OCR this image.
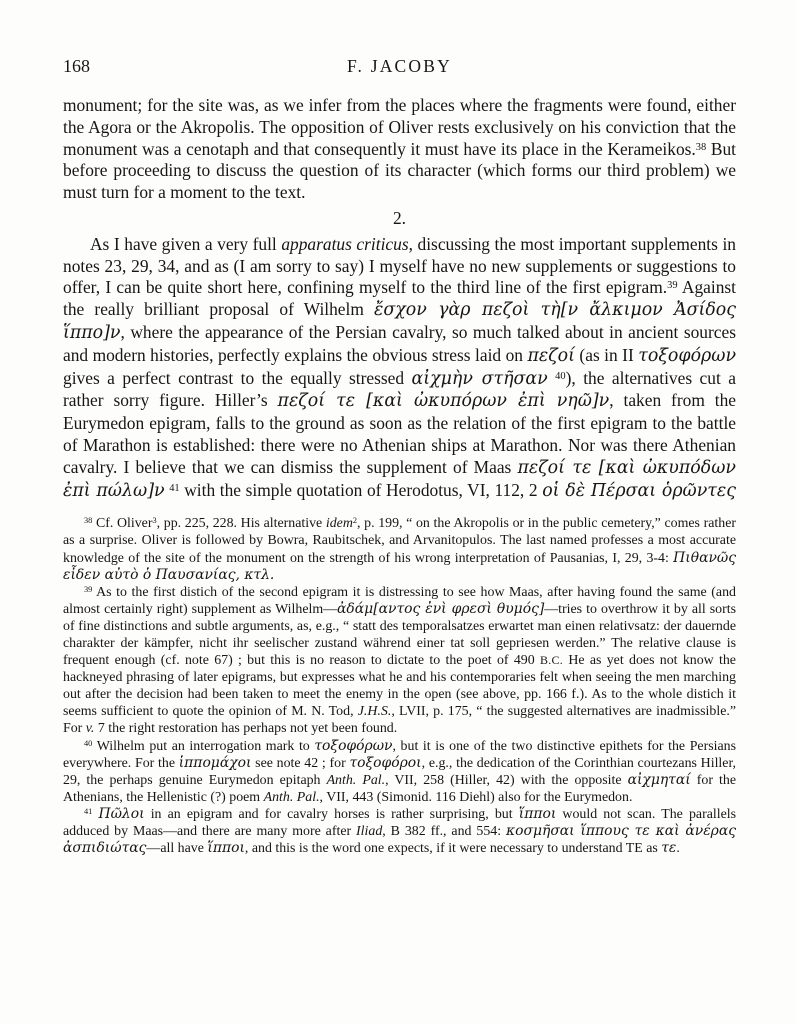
168	F. JACOBY

monument; for the site was, as we infer from the places where the fragments were found, either the Agora or the Akropolis. The opposition of Oliver rests exclusively on his conviction that the monument was a cenotaph and that consequently it must have its place in the Kerameikos.$^{38}$ But before proceeding to discuss the question of its character (which forms our third problem) we must turn for a moment to the text.

2.

As I have given a very full apparatus criticus, discussing the most important supplements in notes 23, 29, 34, and as (I am sorry to say) I myself have no new supplements or suggestions to offer, I can be quite short here, confining myself to the third line of the first epigram.$^{39}$ Against the really brilliant proposal of Wilhelm ἔσχον γὰρ πεζοὶ τὴ[ν ἄλκιμον Ἀσίδος ἵππο]ν, where the appearance of the Persian cavalry, so much talked about in ancient sources and modern histories, perfectly explains the obvious stress laid on πεζοί (as in II τοξοφόρων gives a perfect contrast to the equally stressed αἰχμὴν στῆσαν $^{40}$), the alternatives cut a rather sorry figure. Hiller’s πεζοί τε [καὶ ὠκυπόρων ἐπὶ νηῶ]ν, taken from the Eurymedon epigram, falls to the ground as soon as the relation of the first epigram to the battle of Marathon is established: there were no Athenian ships at Marathon. Nor was there Athenian cavalry. I believe that we can dismiss the supplement of Maas πεζοί τε [καὶ ὠκυπόδων ἐπὶ πώλω]ν $^{41}$ with the simple quotation of Herodotus, VI, 112, 2 οἱ δὲ Πέρσαι ὁρῶντες

$^{38}$ Cf. Oliver$^3$, pp. 225, 228. His alternative idem$^2$, p. 199, “ on the Akropolis or in the public cemetery,” comes rather as a surprise. Oliver is followed by Bowra, Raubitschek, and Arvanitopulos. The last named professes a most accurate knowledge of the site of the monument on the strength of his wrong interpretation of Pausanias, I, 29, 3-4: Πιθανῶς εἶδεν αὐτὸ ὁ Παυσανίας, κτλ.

$^{39}$ As to the first distich of the second epigram it is distressing to see how Maas, after having found the same (and almost certainly right) supplement as Wilhelm—ἀδάμ[αντος ἐνὶ φρεσὶ θυμός]—tries to overthrow it by all sorts of fine distinctions and subtle arguments, as, e.g., “ statt des temporalsatzes erwartet man einen relativsatz: der dauernde charakter der kämpfer, nicht ihr seelischer zustand während einer tat soll gepriesen werden.” The relative clause is frequent enough (cf. note 67) ; but this is no reason to dictate to the poet of 490 B.C. He as yet does not know the hackneyed phrasing of later epigrams, but expresses what he and his contemporaries felt when seeing the men marching out after the decision had been taken to meet the enemy in the open (see above, pp. 166 f.). As to the whole distich it seems sufficient to quote the opinion of M. N. Tod, J.H.S., LVII, p. 175, “ the suggested alternatives are inadmissible.” For v. 7 the right restoration has perhaps not yet been found.

$^{40}$ Wilhelm put an interrogation mark to τοξοφόρων, but it is one of the two distinctive epithets for the Persians everywhere. For the ἱππομάχοι see note 42 ; for τοξοφόροι, e.g., the dedication of the Corinthian courtezans Hiller, 29, the perhaps genuine Eurymedon epitaph Anth. Pal., VII, 258 (Hiller, 42) with the opposite αἰχμηταί for the Athenians, the Hellenistic (?) poem Anth. Pal., VII, 443 (Simonid. 116 Diehl) also for the Eurymedon.

$^{41}$ Πῶλοι in an epigram and for cavalry horses is rather surprising, but ἵπποι would not scan. The parallels adduced by Maas—and there are many more after Iliad, B 382 ff., and 554: κοσμῆσαι ἵππους τε καὶ ἀνέρας ἀσπιδιώτας—all have ἵπποι, and this is the word one expects, if it were necessary to understand TE as τε.
